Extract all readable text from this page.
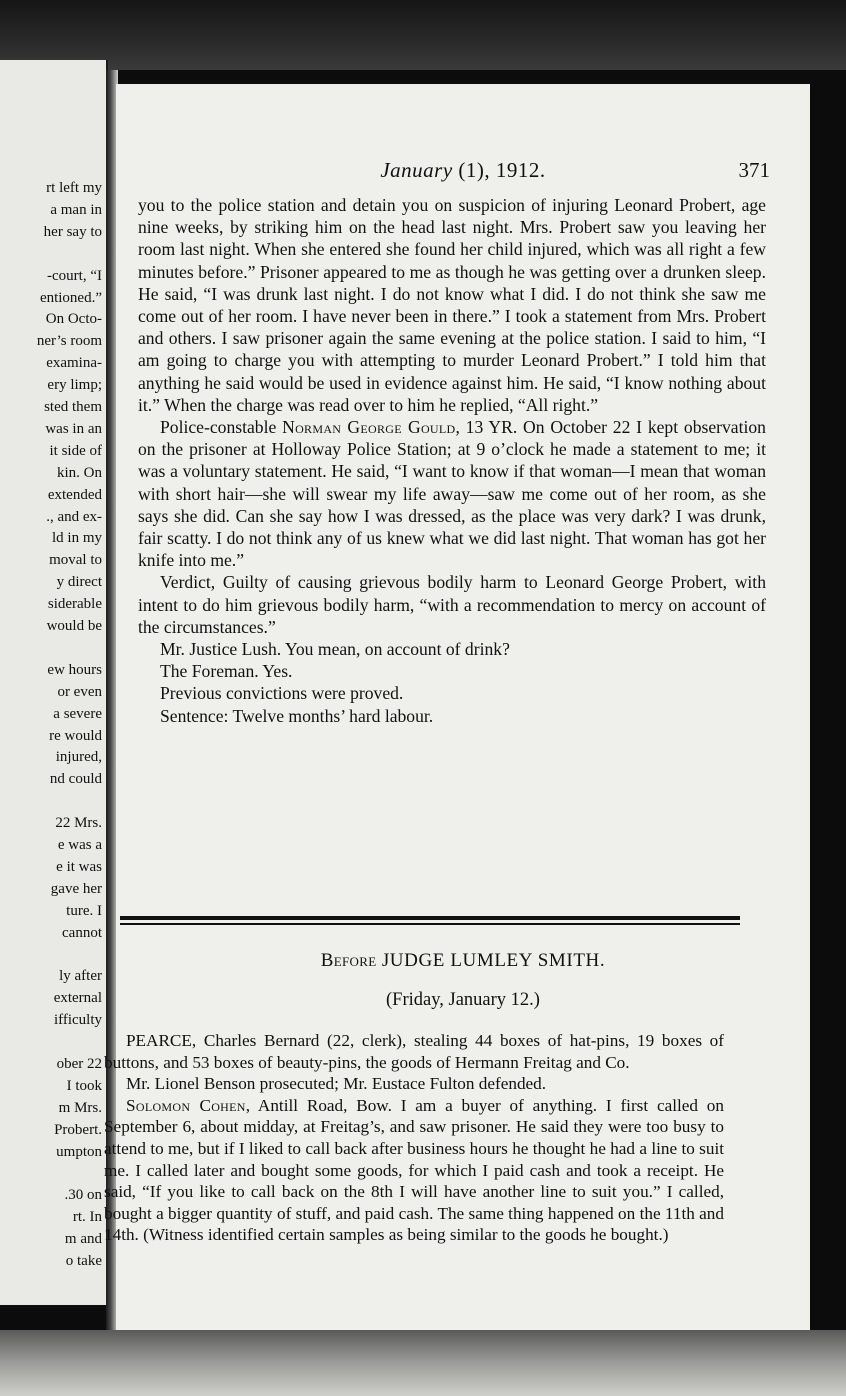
rt left my
a man in
her say to
-court, “I
entioned.”
On Octo-
ner’s room
examina-
ery limp;
sted them
was in an
it side of
kin. On
extended
., and ex-
ld in my
moval to
y direct
siderable
would be
ew hours
or even
a severe
re would
injured,
nd could
22 Mrs.
e was a
e it was
gave her
ture. I
cannot
ly after
external
ifficulty
ober 22
I took
m Mrs.
Probert.
umpton
.30 on
rt. In
m and
o take
January (1), 1912.	371

you to the police station and detain you on suspicion of injuring Leonard Probert, age nine weeks, by striking him on the head last night. Mrs. Probert saw you leaving her room last night. When she entered she found her child injured, which was all right a few minutes before.” Prisoner appeared to me as though he was getting over a drunken sleep. He said, “I was drunk last night. I do not know what I did. I do not think she saw me come out of her room. I have never been in there.” I took a statement from Mrs. Probert and others. I saw prisoner again the same evening at the police station. I said to him, “I am going to charge you with attempting to murder Leonard Probert.” I told him that anything he said would be used in evidence against him. He said, “I know nothing about it.” When the charge was read over to him he replied, “All right.”

Police-constable Norman George Gould, 13 YR. On October 22 I kept observation on the prisoner at Holloway Police Station; at 9 o’clock he made a statement to me; it was a voluntary statement. He said, “I want to know if that woman—I mean that woman with short hair—she will swear my life away—saw me come out of her room, as she says she did. Can she say how I was dressed, as the place was very dark? I was drunk, fair scatty. I do not think any of us knew what we did last night. That woman has got her knife into me.”

Verdict, Guilty of causing grievous bodily harm to Leonard George Probert, with intent to do him grievous bodily harm, “with a recommendation to mercy on account of the circumstances.”

Mr. Justice Lush. You mean, on account of drink?

The Foreman. Yes.

Previous convictions were proved.

Sentence: Twelve months’ hard labour.

Before JUDGE LUMLEY SMITH.
(Friday, January 12.)

PEARCE, Charles Bernard (22, clerk), stealing 44 boxes of hat-pins, 19 boxes of buttons, and 53 boxes of beauty-pins, the goods of Hermann Freitag and Co.

Mr. Lionel Benson prosecuted; Mr. Eustace Fulton defended.

Solomon Cohen, Antill Road, Bow. I am a buyer of anything. I first called on September 6, about midday, at Freitag’s, and saw prisoner. He said they were too busy to attend to me, but if I liked to call back after business hours he thought he had a line to suit me. I called later and bought some goods, for which I paid cash and took a receipt. He said, “If you like to call back on the 8th I will have another line to suit you.” I called, bought a bigger quantity of stuff, and paid cash. The same thing happened on the 11th and 14th. (Witness identified certain samples as being similar to the goods he bought.)
